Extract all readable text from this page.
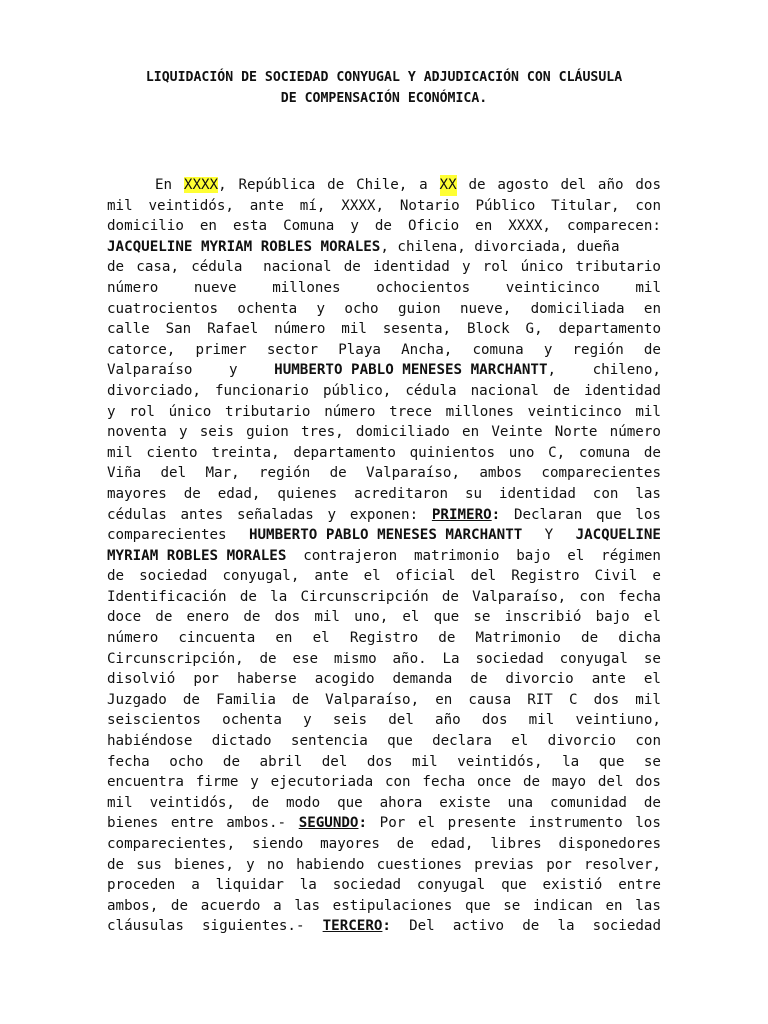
LIQUIDACIÓN DE SOCIEDAD CONYUGAL Y ADJUDICACIÓN CON CLÁUSULA
DE COMPENSACIÓN ECONÓMICA.
En XXXX, República de Chile, a XX de agosto del año dos
mil veintidós, ante mí, XXXX, Notario Público Titular, con
domicilio en esta Comuna y de Oficio en XXXX, comparecen:
JACQUELINE MYRIAM ROBLES MORALES , chilena, divorciada, dueña
de casa, cédula nacional de identidad y rol único tributario
número	nueve	millones	ochocientos	veinticinco	mil
cuatrocientos ochenta y ocho guion nueve, domiciliada en
calle San Rafael número mil sesenta, Block G, departamento
catorce, primer sector Playa Ancha, comuna y región de
Valparaíso	y	HUMBERTO PABLO MENESES MARCHANTT,	chileno,
divorciado, funcionario público, cédula nacional de identidad
y rol único tributario número trece millones veinticinco mil
noventa y seis guion tres, domiciliado en Veinte Norte número
mil ciento treinta, departamento quinientos uno C, comuna de
Viña del Mar, región de Valparaíso, ambos comparecientes
mayores de edad, quienes acreditaron su identidad con las
cédulas antes señaladas y exponen: PRIMERO: Declaran que los
comparecientes HUMBERTO PABLO MENESES MARCHANTT Y JACQUELINE
MYRIAM ROBLES MORALES contrajeron matrimonio bajo el régimen
de sociedad conyugal, ante el oficial del Registro Civil e
Identificación de la Circunscripción de Valparaíso, con fecha
doce de enero de dos mil uno, el que se inscribió bajo el
número cincuenta en el Registro de Matrimonio de dicha
Circunscripción, de ese mismo año. La sociedad conyugal se
disolvió por haberse acogido demanda de divorcio ante el
Juzgado de Familia de Valparaíso, en causa RIT C dos mil
seiscientos ochenta y seis del año dos mil veintiuno,
habiéndose dictado sentencia que declara el divorcio con
fecha ocho de abril del dos mil veintidós, la que se
encuentra firme y ejecutoriada con fecha once de mayo del dos
mil veintidós, de modo que ahora existe una comunidad de
bienes entre ambos.- SEGUNDO: Por el presente instrumento los
comparecientes, siendo mayores de edad, libres disponedores
de sus bienes, y no habiendo cuestiones previas por resolver,
proceden a liquidar la sociedad conyugal que existió entre
ambos, de acuerdo a las estipulaciones que se indican en las
cláusulas siguientes.- TERCERO: Del activo de la sociedad
